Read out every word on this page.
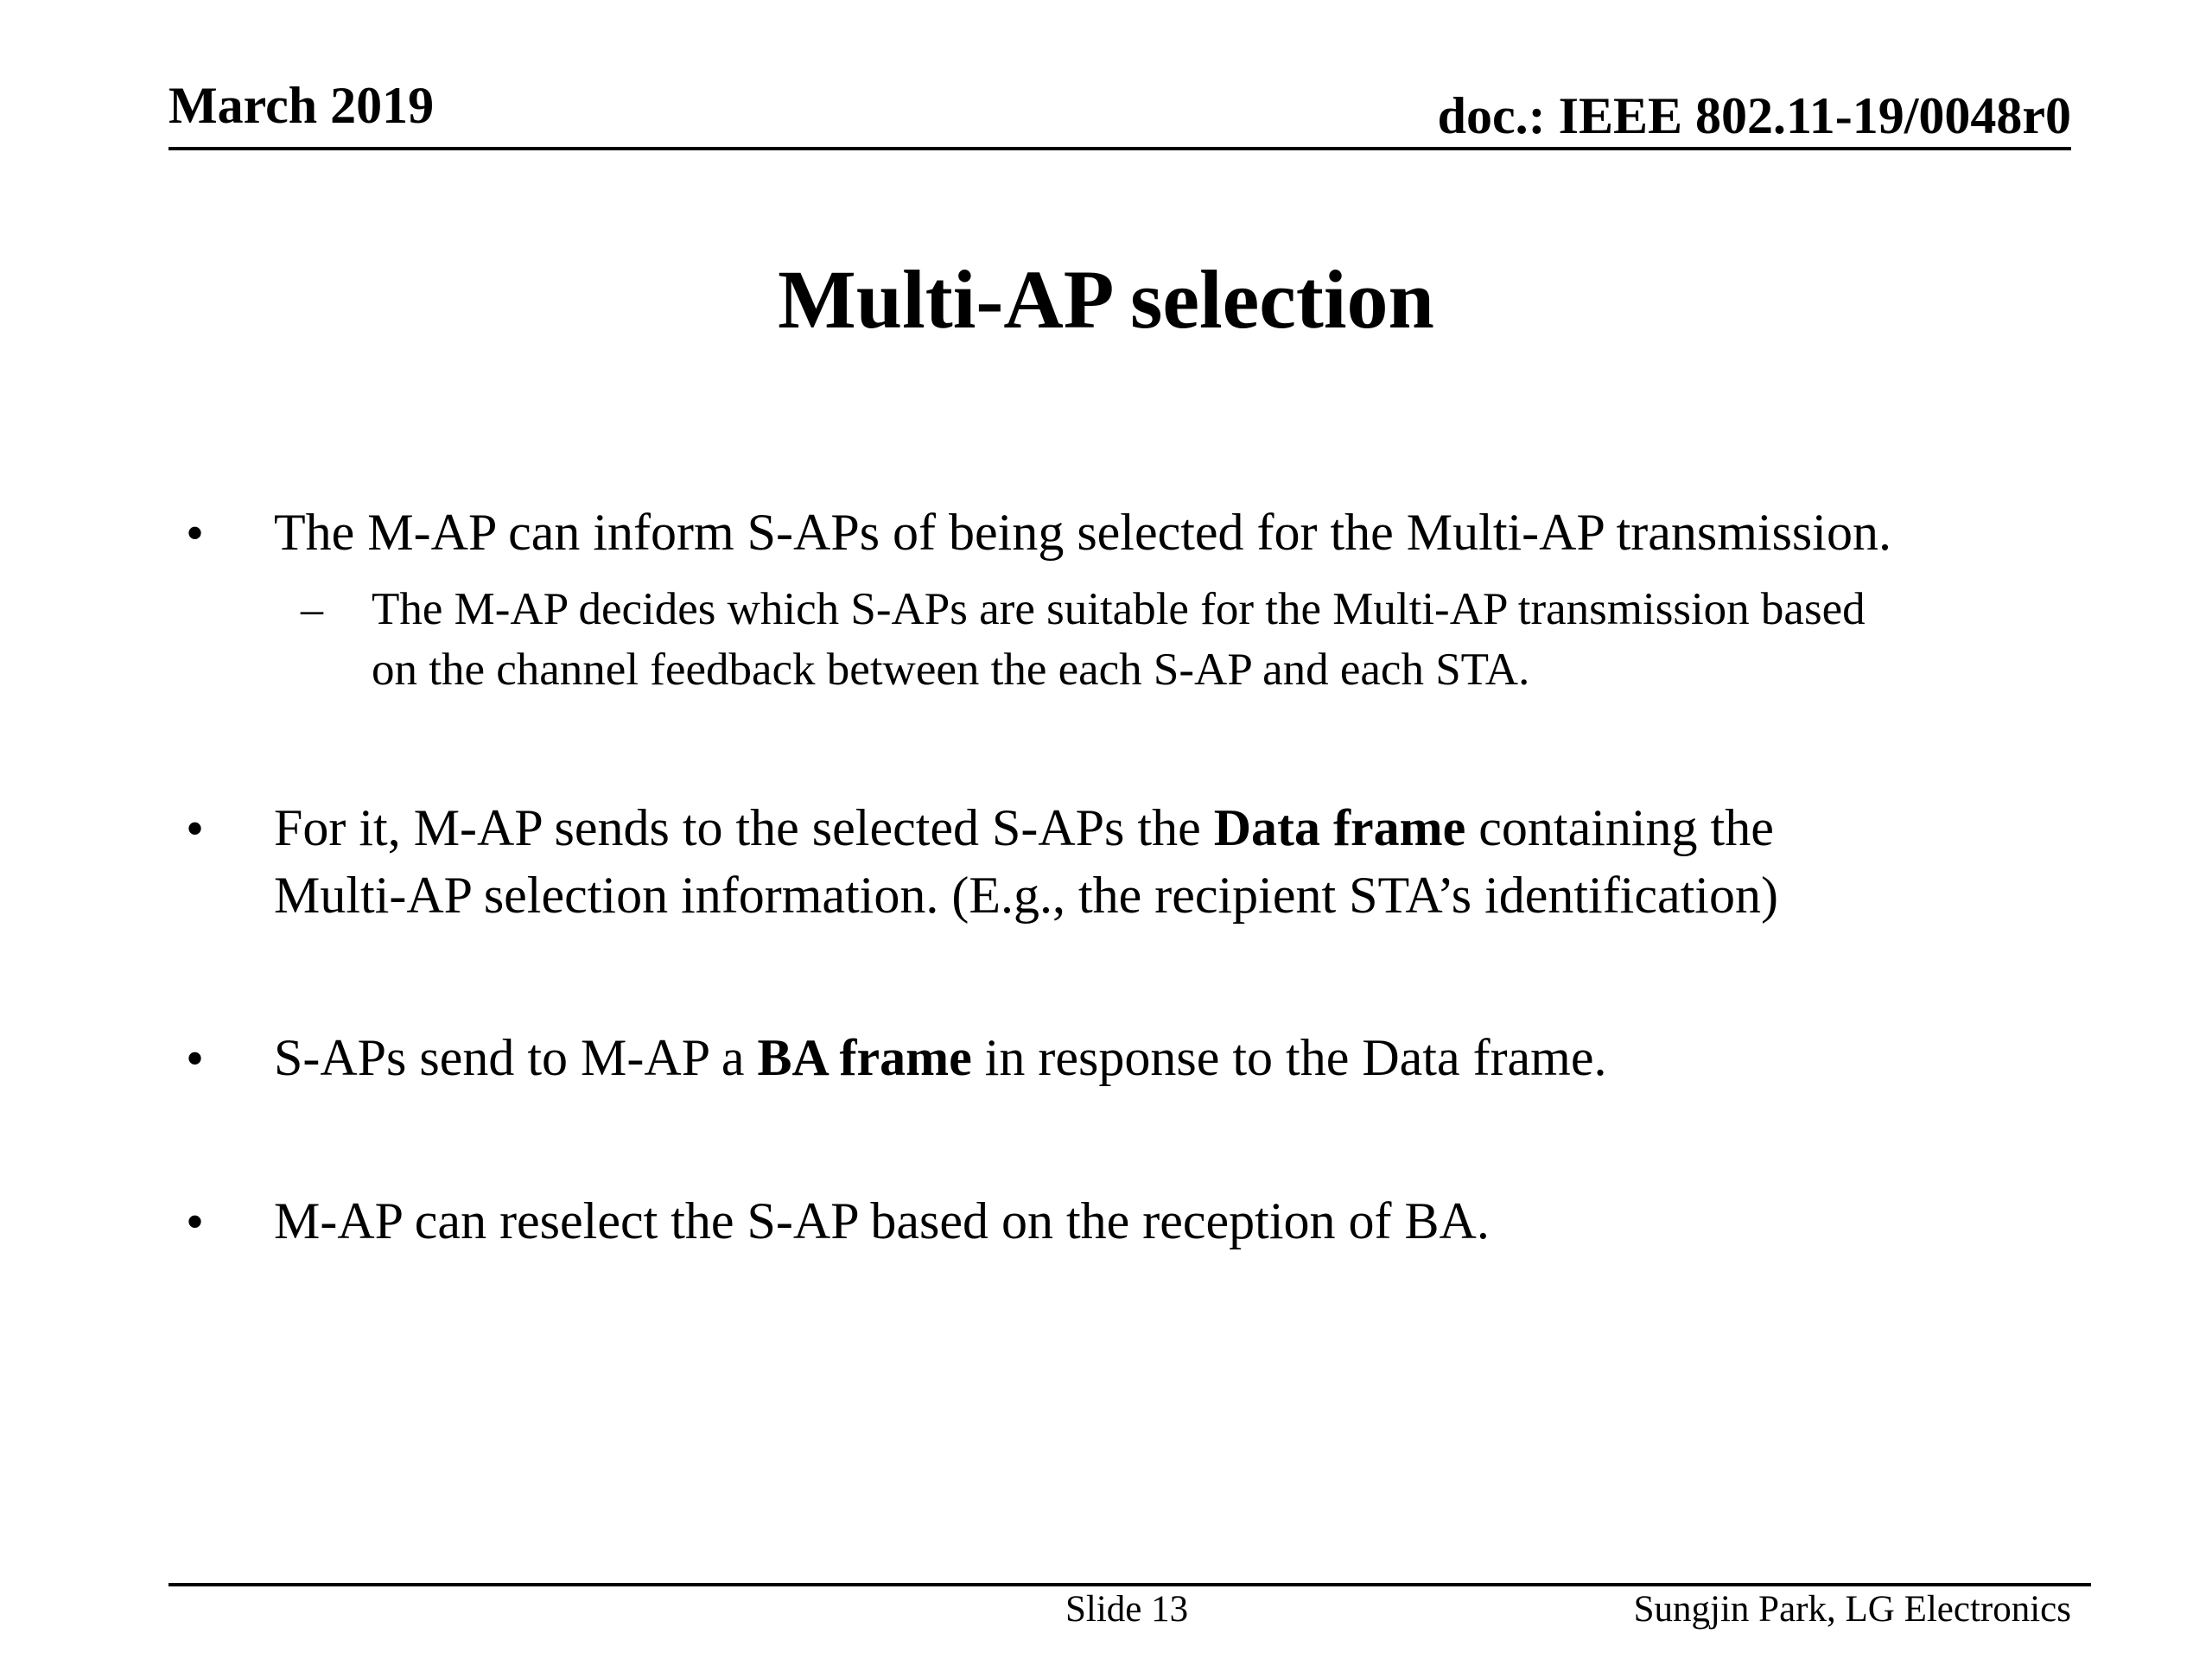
March 2019	doc.: IEEE 802.11-19/0048r0
Multi-AP selection
• The M-AP can inform S-APs of being selected for the Multi-AP transmission.
– The M-AP decides which S-APs are suitable for the Multi-AP transmission based
on the channel feedback between the each S-AP and each STA.
• For it, M-AP sends to the selected S-APs the Data frame containing the
Multi-AP selection information. (E.g., the recipient STA’s identification)
• S-APs send to M-AP a BA frame in response to the Data frame.
• M-AP can reselect the S-AP based on the reception of BA.
Slide 13	Sungjin Park, LG Electronics
